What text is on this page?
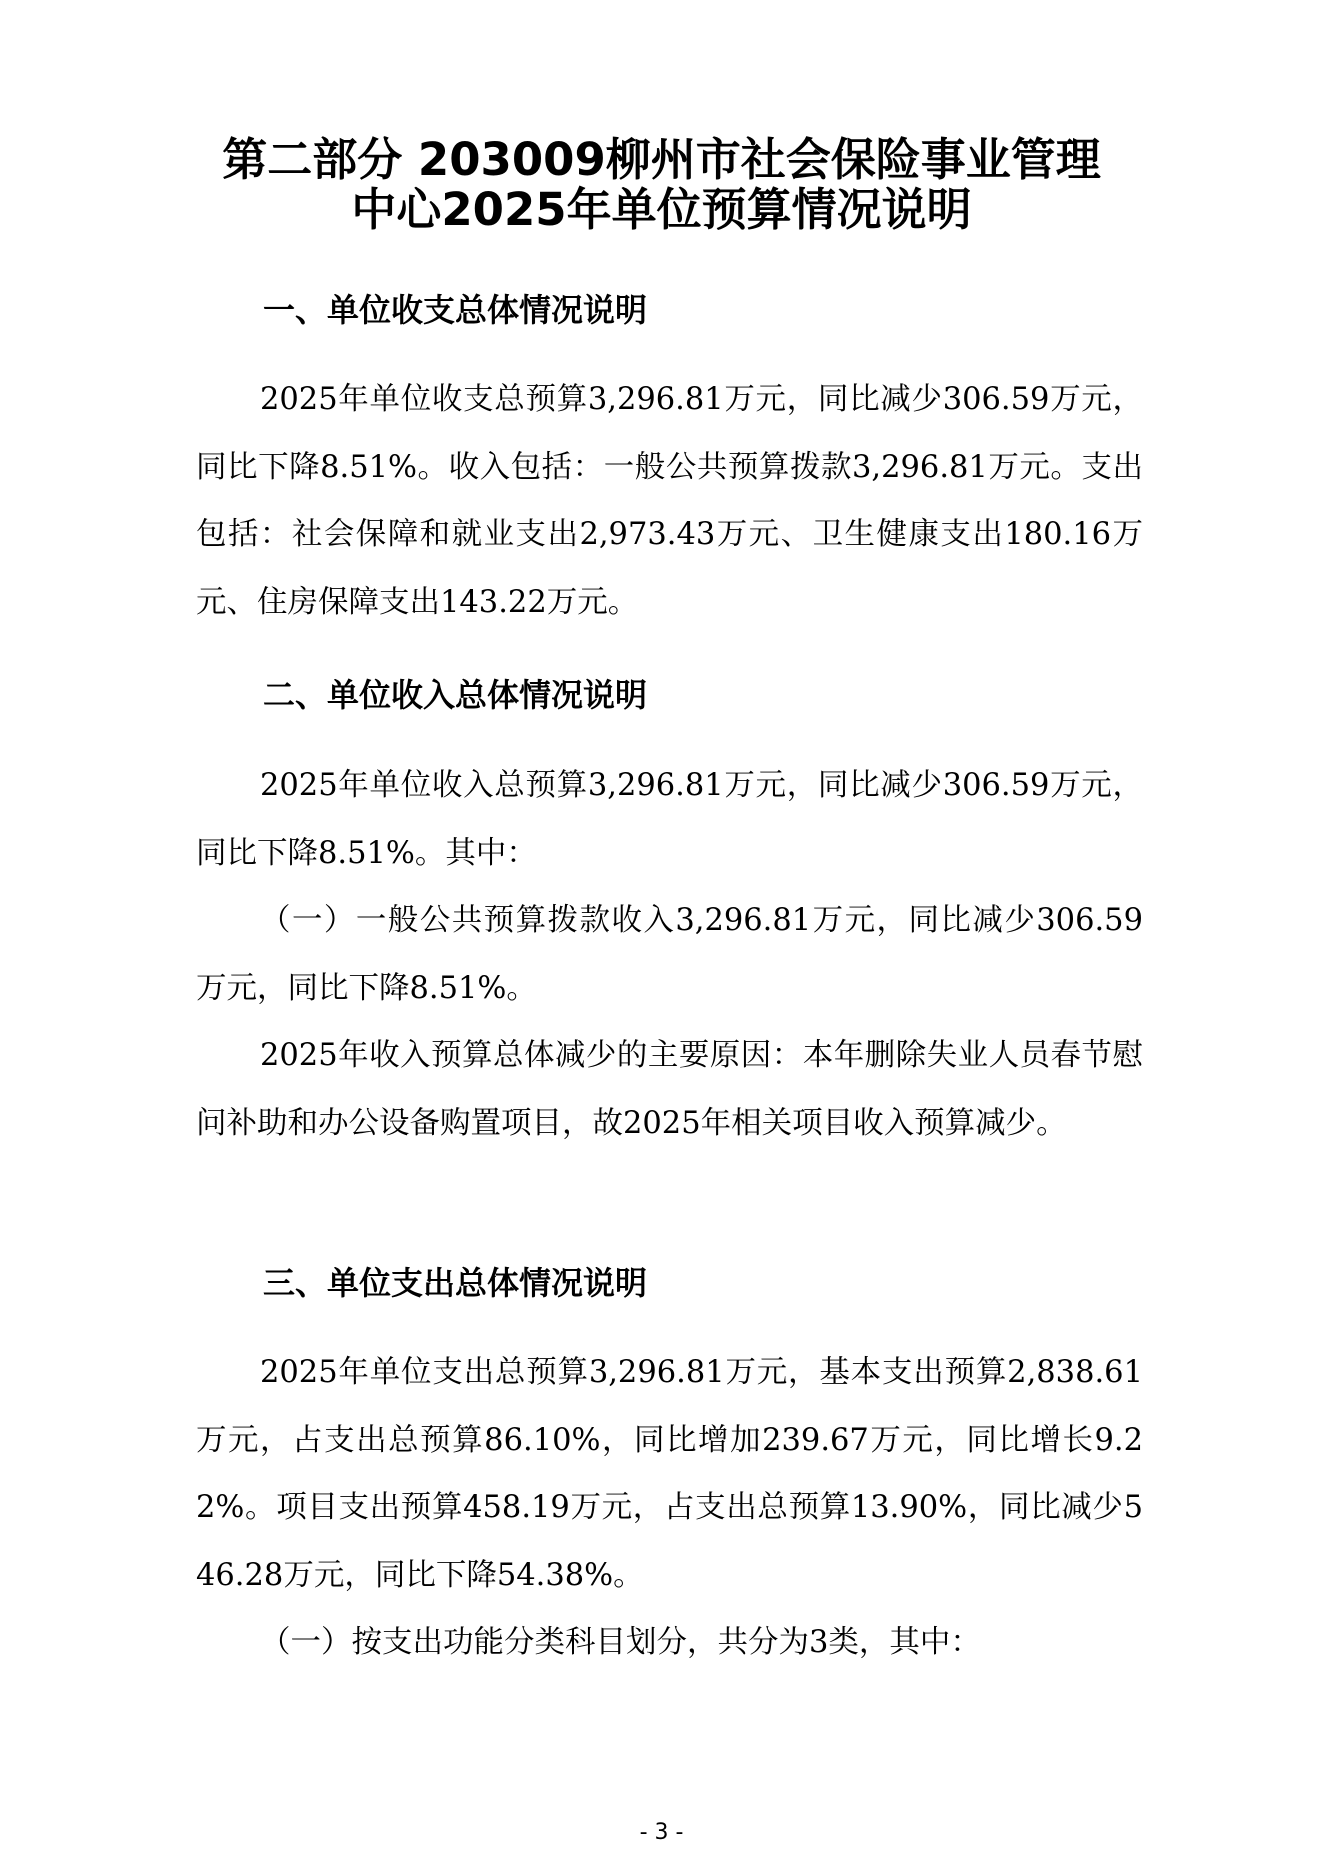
第二部分 203009柳州市社会保险事业管理
中心2025年单位预算情况说明
一、单位收支总体情况说明

2025年单位收支总预算3,296.81万元，同比减少306.59万元，同比下降8.51%。收入包括：一般公共预算拨款3,296.81万元。支出包括：社会保障和就业支出2,973.43万元、卫生健康支出180.16万元、住房保障支出143.22万元。

二、单位收入总体情况说明

2025年单位收入总预算3,296.81万元，同比减少306.59万元，同比下降8.51%。其中：

（一）一般公共预算拨款收入3,296.81万元，同比减少306.59万元，同比下降8.51%。

2025年收入预算总体减少的主要原因：本年删除失业人员春节慰问补助和办公设备购置项目，故2025年相关项目收入预算减少。

三、单位支出总体情况说明

2025年单位支出总预算3,296.81万元，基本支出预算2,838.61万元，占支出总预算86.10%，同比增加239.67万元，同比增长9.22%。项目支出预算458.19万元，占支出总预算13.90%，同比减少546.28万元，同比下降54.38%。

（一）按支出功能分类科目划分，共分为3类，其中：

- 3 -
